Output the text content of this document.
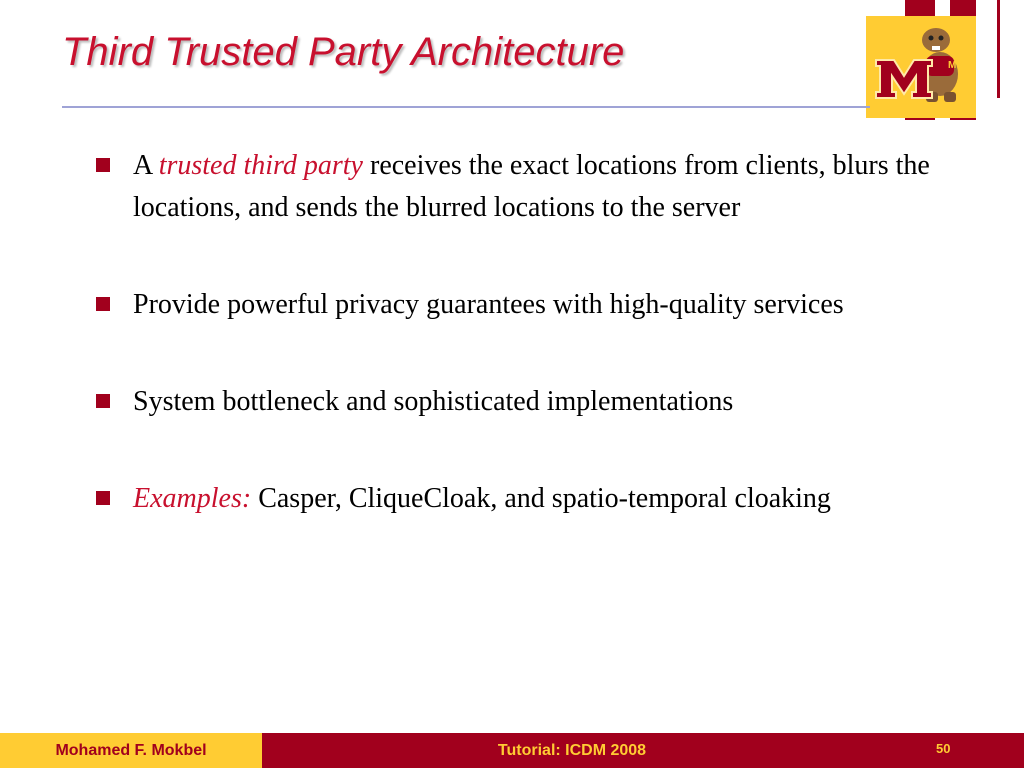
M
Third Trusted Party Architecture
A trusted third party receives the exact locations from clients, blurs the locations, and sends the blurred locations to the server
Provide powerful privacy guarantees with high-quality services
System bottleneck and sophisticated implementations
Examples: Casper, CliqueCloak, and spatio-temporal cloaking
Mohamed F. Mokbel	Tutorial: ICDM 2008	50
